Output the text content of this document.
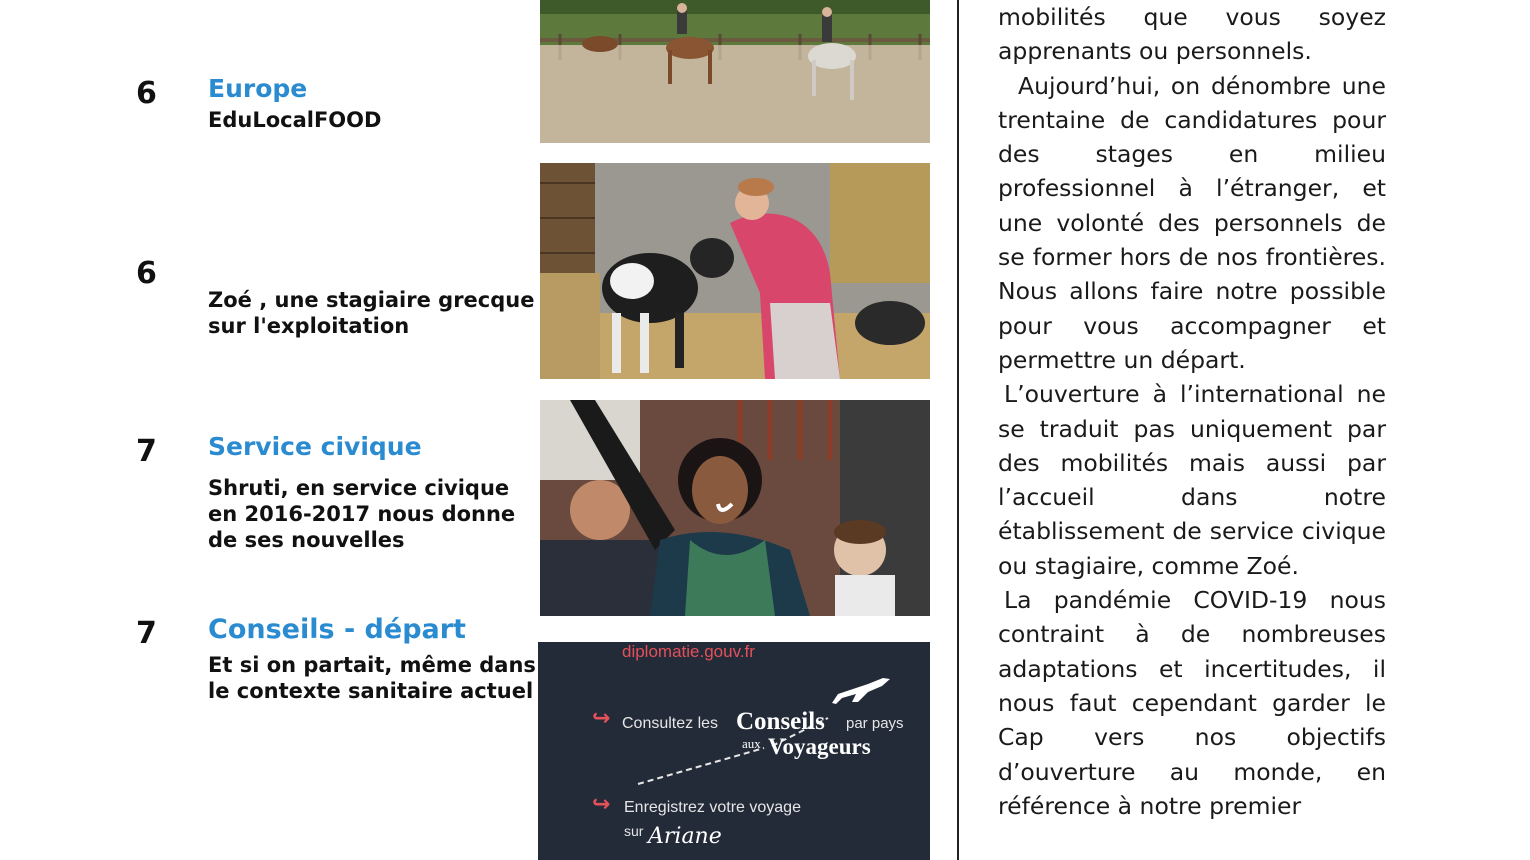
6	Europe
EduLocalFOOD
6
Zoé , une stagiaire grecque
sur l'exploitation
7	Service civique
Shruti, en service civique
en 2016-2017 nous donne
de ses nouvelles
7	Conseils - départ
Et si on partait, même dans
le contexte sanitaire actuel
diplomatie.gouv.fr
↪ Consultez les Conseils par pays
aux Voyageurs
↪ Enregistrez votre voyage
sur Ariane

mobilités que vous soyez apprenants ou personnels.

Aujourd’hui, on dénombre une trentaine de candidatures pour des stages en milieu professionnel à l’étranger, et une volonté des personnels de se former hors de nos frontières. Nous allons faire notre possible pour vous accompagner et permettre un départ.

L’ouverture à l’international ne se traduit pas uniquement par des mobilités mais aussi par l’accueil dans notre établissement de service civique ou stagiaire, comme Zoé.

La pandémie COVID-19 nous contraint à de nombreuses adaptations et incertitudes, il nous faut cependant garder le Cap vers nos objectifs d’ouverture au monde, en référence à notre premier
